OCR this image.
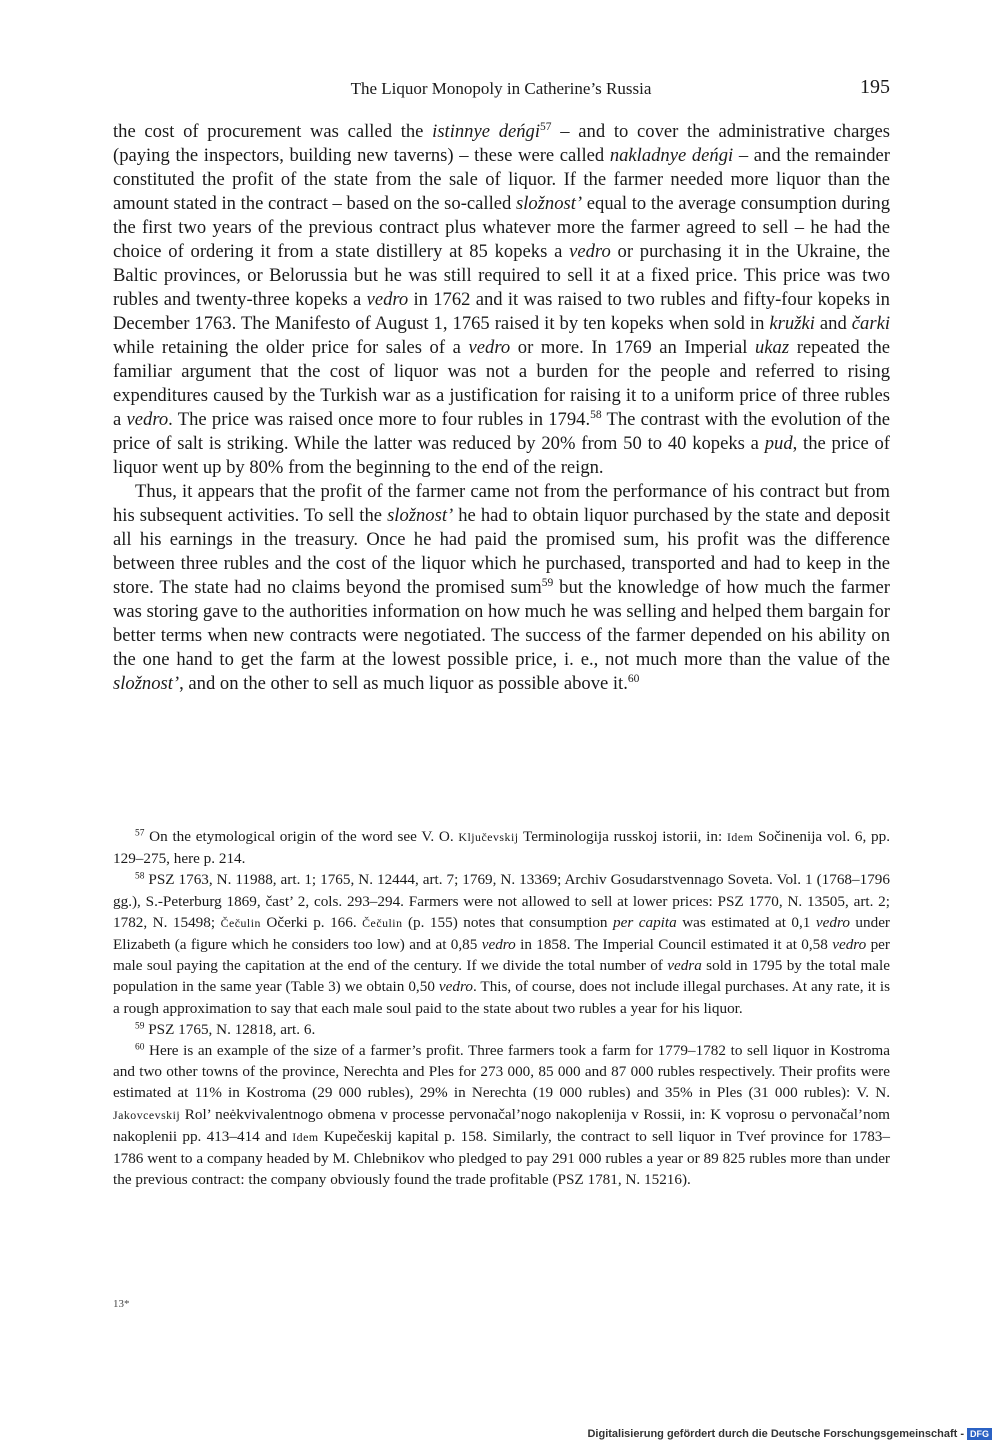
The Liquor Monopoly in Catherine’s Russia	195

the cost of procurement was called the istinnye deńgi$^{57}$ – and to cover the administrative charges (paying the inspectors, building new taverns) – these were called nakladnye deńgi – and the remainder constituted the profit of the state from the sale of liquor. If the farmer needed more liquor than the amount stated in the contract – based on the so-called složnost’ equal to the average consumption during the first two years of the previous contract plus whatever more the farmer agreed to sell – he had the choice of ordering it from a state distillery at 85 kopeks a vedro or purchasing it in the Ukraine, the Baltic provinces, or Belorussia but he was still required to sell it at a fixed price. This price was two rubles and twenty-three kopeks a vedro in 1762 and it was raised to two rubles and fifty-four kopeks in December 1763. The Manifesto of August 1, 1765 raised it by ten kopeks when sold in kružki and čarki while retaining the older price for sales of a vedro or more. In 1769 an Imperial ukaz repeated the familiar argument that the cost of liquor was not a burden for the people and referred to rising expenditures caused by the Turkish war as a justification for raising it to a uniform price of three rubles a vedro. The price was raised once more to four rubles in 1794.58 The contrast with the evolution of the price of salt is striking. While the latter was reduced by 20% from 50 to 40 kopeks a pud, the price of liquor went up by 80% from the beginning to the end of the reign.

Thus, it appears that the profit of the farmer came not from the performance of his contract but from his subsequent activities. To sell the složnost’ he had to obtain liquor purchased by the state and deposit all his earnings in the treasury. Once he had paid the promised sum, his profit was the difference between three rubles and the cost of the liquor which he purchased, transported and had to keep in the store. The state had no claims beyond the promised sum$^{59}$ but the knowledge of how much the farmer was storing gave to the authorities information on how much he was selling and helped them bargain for better terms when new contracts were negotiated. The success of the farmer depended on his ability on the one hand to get the farm at the lowest possible price, i. e., not much more than the value of the složnost’, and on the other to sell as much liquor as possible above it.$^{60}$

$^{57}$ On the etymological origin of the word see V. O. Ključevskij Terminologija russkoj istorii, in: Idem Sočinenija vol. 6, pp. 129–275, here p. 214.

$^{58}$ PSZ 1763, N. 11988, art. 1; 1765, N. 12444, art. 7; 1769, N. 13369; Archiv Gosudarstvennago Soveta. Vol. 1 (1768–1796 gg.), S.-Peterburg 1869, čast’ 2, cols. 293–294. Farmers were not allowed to sell at lower prices: PSZ 1770, N. 13505, art. 2; 1782, N. 15498; Čečulin Očerki p. 166. Čečulin (p. 155) notes that consumption per capita was estimated at 0,1 vedro under Elizabeth (a figure which he considers too low) and at 0,85 vedro in 1858. The Imperial Council estimated it at 0,58 vedro per male soul paying the capitation at the end of the century. If we divide the total number of vedra sold in 1795 by the total male population in the same year (Table 3) we obtain 0,50 vedro. This, of course, does not include illegal purchases. At any rate, it is a rough approximation to say that each male soul paid to the state about two rubles a year for his liquor.

$^{59}$ PSZ 1765, N. 12818, art. 6.

$^{60}$ Here is an example of the size of a farmer’s profit. Three farmers took a farm for 1779–1782 to sell liquor in Kostroma and two other towns of the province, Nerechta and Ples for 273 000, 85 000 and 87 000 rubles respectively. Their profits were estimated at 11% in Kostroma (29 000 rubles), 29% in Nerechta (19 000 rubles) and 35% in Ples (31 000 rubles): V. N. Jakovcevskij Rol’ neėkvivalentnogo obmena v processe pervonačal’nogo nakoplenija v Rossii, in: K voprosu o pervonačal’nom nakoplenii pp. 413–414 and Idem Kupečeskij kapital p. 158. Similarly, the contract to sell liquor in Tveŕ province for 1783–1786 went to a company headed by M. Chlebnikov who pledged to pay 291 000 rubles a year or 89 825 rubles more than under the previous contract: the company obviously found the trade profitable (PSZ 1781, N. 15216).

13*
Digitalisierung gefördert durch die Deutsche Forschungsgemeinschaft - DFG
